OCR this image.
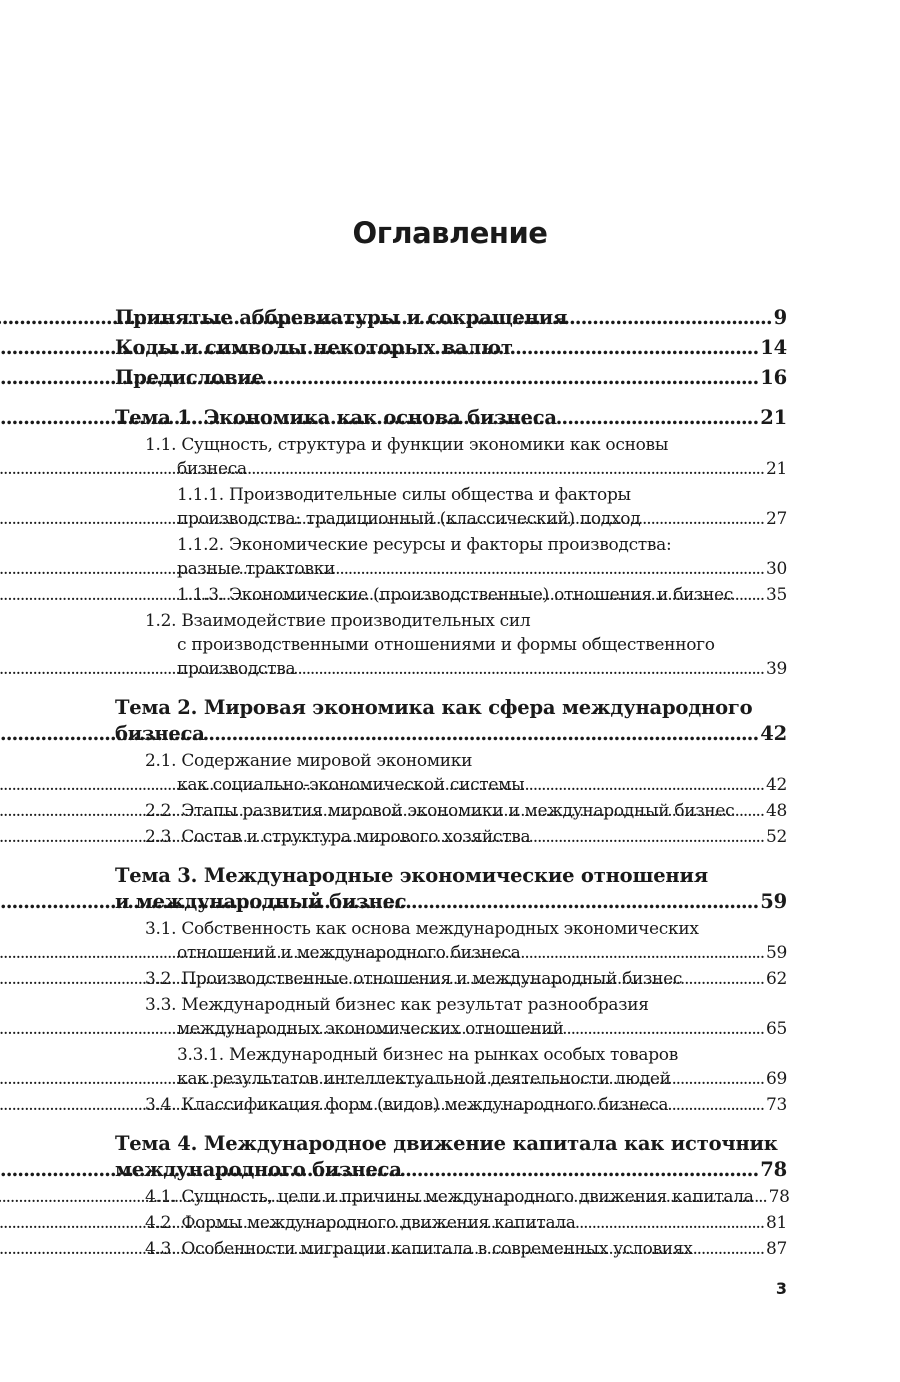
Оглавление
Принятые аббревиатуры и сокращения .....	9
Коды и символы некоторых валют .....	14
Предисловие .....	16
Тема 1. Экономика как основа бизнеса .....	21
1.1. Сущность, структура и функции экономики как основы
бизнеса .....	21
1.1.1. Производительные силы общества и факторы
производства: традиционный (классический) подход .....	27
1.1.2. Экономические ресурсы и факторы производства:
разные трактовки .....	30
1.1.3. Экономические (производственные) отношения и бизнес ..... 35
1.2. Взаимодействие производительных сил
с производственными отношениями и формы общественного
производства .....	39
Тема 2. Мировая экономика как сфера международного
бизнеса .....	42
2.1. Содержание мировой экономики
как социально-экономической системы .....	42
2.2. Этапы развития мировой экономики и международный бизнес ..... 48
2.3. Состав и структура мирового хозяйства .....	52
Тема 3. Международные экономические отношения
и международный бизнес .....	59
3.1. Собственность как основа международных экономических
отношений и международного бизнеса .....	59
3.2. Производственные отношения и международный бизнес .....	62
3.3. Международный бизнес как результат разнообразия
международных экономических отношений .....	65
3.3.1. Международный бизнес на рынках особых товаров
как результатов интеллектуальной деятельности людей .....	69
3.4. Классификация форм (видов) международного бизнеса .....	73
Тема 4. Международное движение капитала как источник
международного бизнеса .....	78
4.1. Сущность, цели и причины международного движения капитала ..... 78
4.2. Формы международного движения капитала .....	81
4.3. Особенности миграции капитала в современных условиях .....	87
3
